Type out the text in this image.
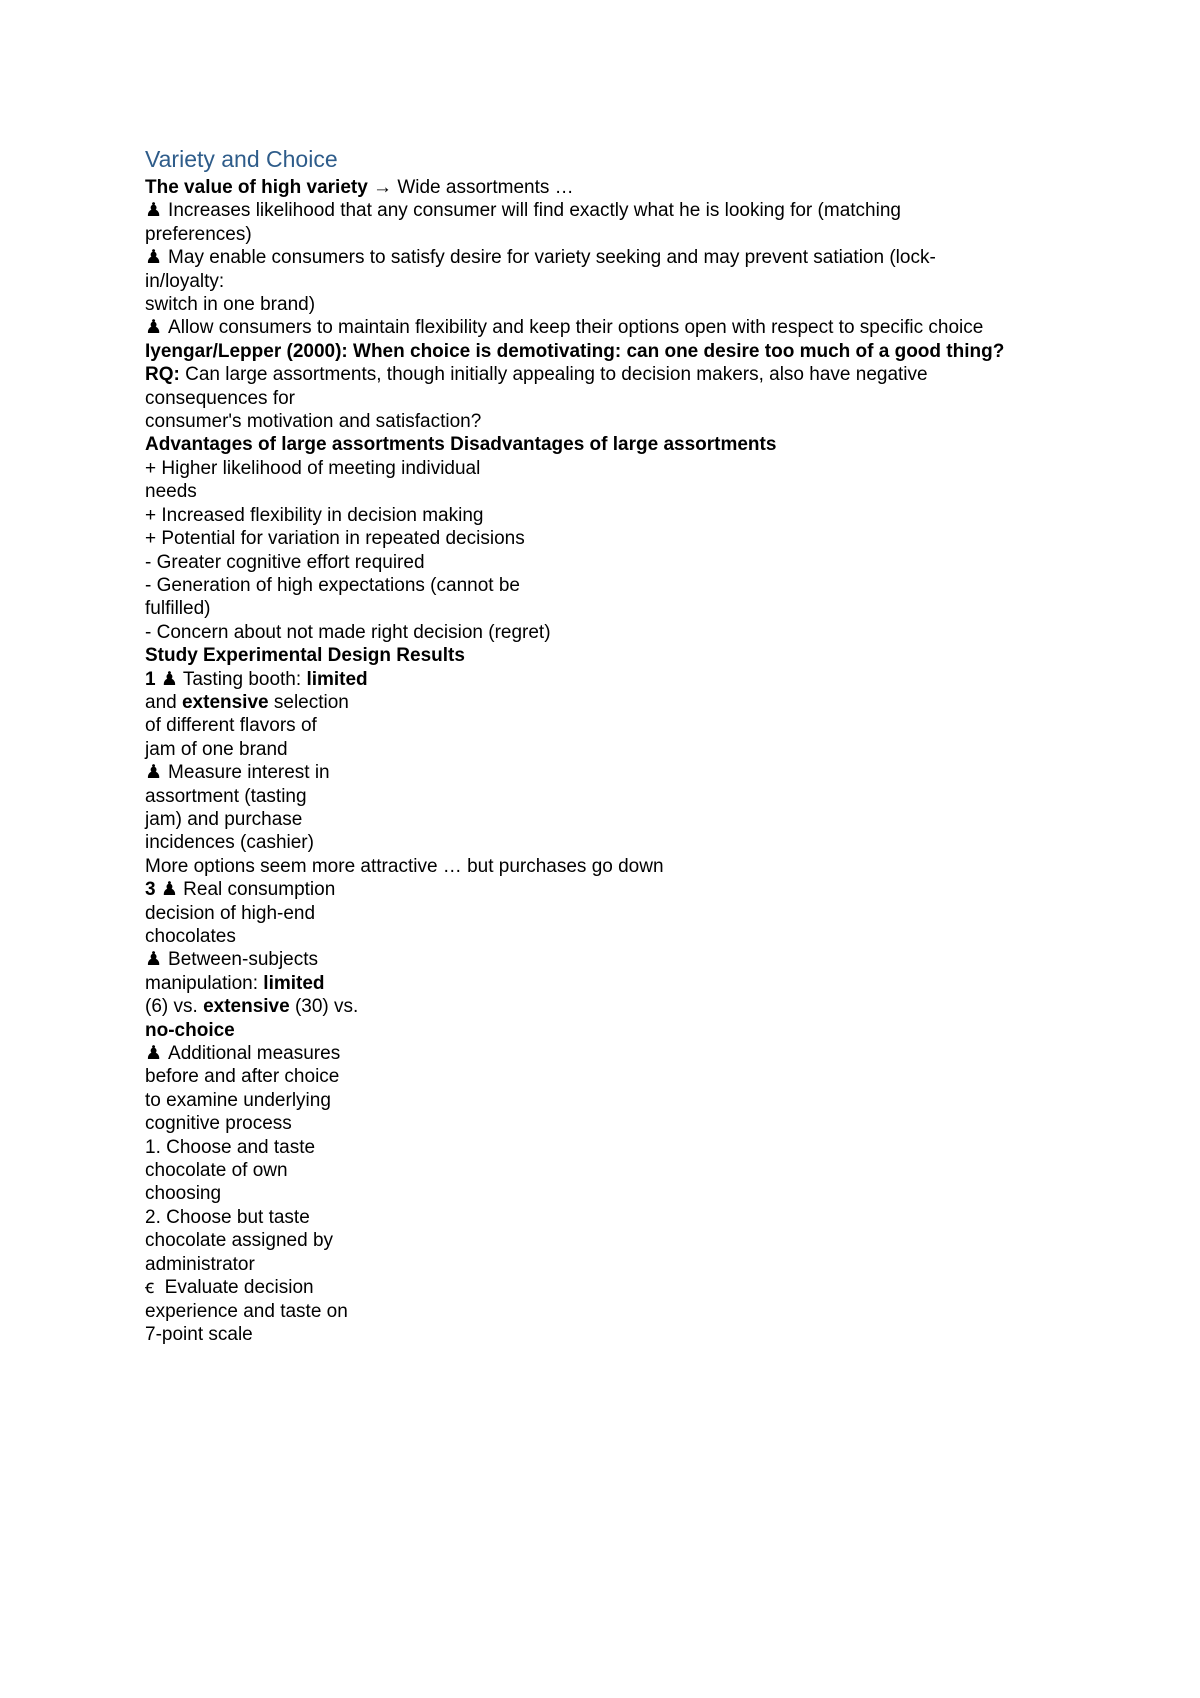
Variety and Choice

The value of high variety → Wide assortments …

♟ Increases likelihood that any consumer will find exactly what he is looking for (matching

preferences)

♟ May enable consumers to satisfy desire for variety seeking and may prevent satiation (lock-

in/loyalty:

switch in one brand)

♟ Allow consumers to maintain flexibility and keep their options open with respect to specific choice

Iyengar/Lepper (2000): When choice is demotivating: can one desire too much of a good thing?

RQ: Can large assortments, though initially appealing to decision makers, also have negative

consequences for

consumer's motivation and satisfaction?

Advantages of large assortments Disadvantages of large assortments

+ Higher likelihood of meeting individual

needs

+ Increased flexibility in decision making

+ Potential for variation in repeated decisions

- Greater cognitive effort required

- Generation of high expectations (cannot be

fulfilled)

- Concern about not made right decision (regret)

Study Experimental Design Results

1 ♟ Tasting booth: limited

and extensive selection

of different flavors of

jam of one brand

♟ Measure interest in

assortment (tasting

jam) and purchase

incidences (cashier)

More options seem more attractive … but purchases go down

3 ♟ Real consumption

decision of high-end

chocolates

♟ Between-subjects

manipulation: limited

(6) vs. extensive (30) vs.

no-choice

♟ Additional measures

before and after choice

to examine underlying

cognitive process

1. Choose and taste

chocolate of own

choosing

2. Choose but taste

chocolate assigned by

administrator

ꞓ  Evaluate decision

experience and taste on

7-point scale
